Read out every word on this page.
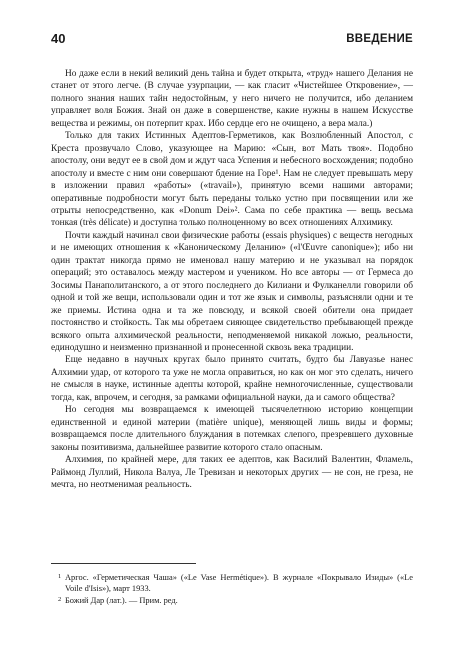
40	ВВЕДЕНИЕ

Но даже если в некий великий день тайна и будет открыта, «труд» нашего Делания не станет от этого легче. (В случае узурпации, — как гласит «Чистейшее Откровение», — полного знания наших тайн недостойным, у него ничего не получится, ибо деланием управляет воля Божия. Знай он даже в совершенстве, какие нужны в нашем Искусстве вещества и режимы, он потерпит крах. Ибо сердце его не очищено, а вера мала.)

Только для таких Истинных Адептов-Герметиков, как Возлюбленный Апостол, с Креста прозвучало Слово, указующее на Марию: «Сын, вот Мать твоя». Подобно апостолу, они ведут ее в свой дом и ждут часа Успения и небесного восхождения; подобно апостолу и вместе с ним они совершают бдение на Горе¹. Нам не следует превышать меру в изложении правил «работы» («travail»), принятую всеми нашими авторами; оперативные подробности могут быть переданы только устно при посвящении или же отрыты непосредственно, как «Donum Dei»². Сама по себе практика — вещь весьма тонкая (très délicate) и доступна только полноценному во всех отношениях Алхимику.

Почти каждый начинал свои физические работы (essais physiques) с веществ негодных и не имеющих отношения к «Каноническому Деланию» («l'Œuvre canonique»); ибо ни один трактат никогда прямо не именовал нашу материю и не указывал на порядок операций; это оставалось между мастером и учеником. Но все авторы — от Гермеса до Зосимы Панаполитанского, а от этого последнего до Килиани и Фулканелли говорили об одной и той же вещи, использовали один и тот же язык и символы, разъясняли одни и те же приемы. Истина одна и та же повсюду, и всякой своей обители она придает постоянство и стойкость. Так мы обретаем сияющее свидетельство пребывающей прежде всякого опыта алхимической реальности, неподменяемой никакой ложью, реальности, единодушно и неизменно признанной и пронесенной сквозь века традиции.

Еще недавно в научных кругах было принято считать, будто бы Лавуазье нанес Алхимии удар, от которого та уже не могла оправиться, но как он мог это сделать, ничего не смысля в науке, истинные адепты которой, крайне немногочисленные, существовали тогда, как, впрочем, и сегодня, за рамками официальной науки, да и самого общества?

Но сегодня мы возвращаемся к имеющей тысячелетнюю историю концепции единственной и единой материи (matière unique), меняющей лишь виды и формы; возвращаемся после длительного блуждания в потемках слепого, презревшего духовные законы позитивизма, дальнейшее развитие которого стало опасным.

Алхимия, по крайней мере, для таких ее адептов, как Василий Валентин, Фламель, Раймонд Луллий, Никола Валуа, Ле Тревизан и некоторых других — не сон, не греза, не мечта, но неотменимая реальность.

1 Аргос. «Герметическая Чаша» («Le Vase Hermétique»). В журнале «Покрывало Изиды» («Le Voile d'Isis»), март 1933.

2 Божий Дар (лат.). — Прим. ред.
